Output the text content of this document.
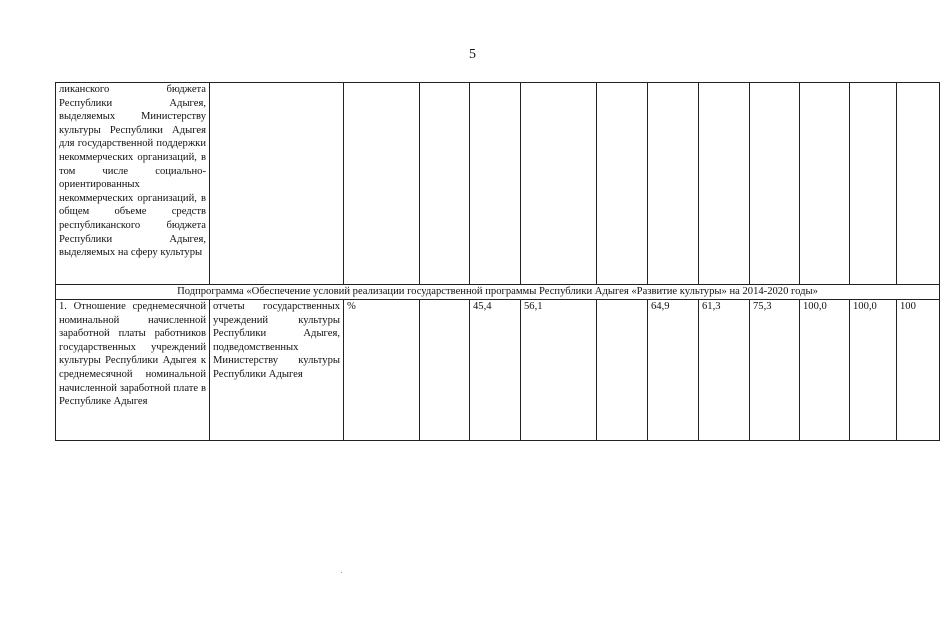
5
ликанского бюджета Республики Адыгея, выделяемых Министерству культуры Республики Адыгея для государственной поддержки некоммерческих организаций, в том числе социально-ориентированных некоммерческих организаций, в общем объеме средств республиканского бюджета Республики Адыгея, выделяемых на сферу культуры												
Подпрограмма «Обеспечение условий реализации государственной программы Республики Адыгея «Развитие культуры» на 2014-2020 годы»												
1. Отношение среднемесячной номинальной начисленной заработной платы работников государственных учреждений культуры Республики Адыгея к среднемесячной номинальной начисленной заработной плате в Республике Адыгея	отчеты государственных учреждений культуры Республики Адыгея, подведомственных Министерству культуры Республики Адыгея	%		45,4	56,1		64,9	61,3	75,3	100,0	100,0	100
